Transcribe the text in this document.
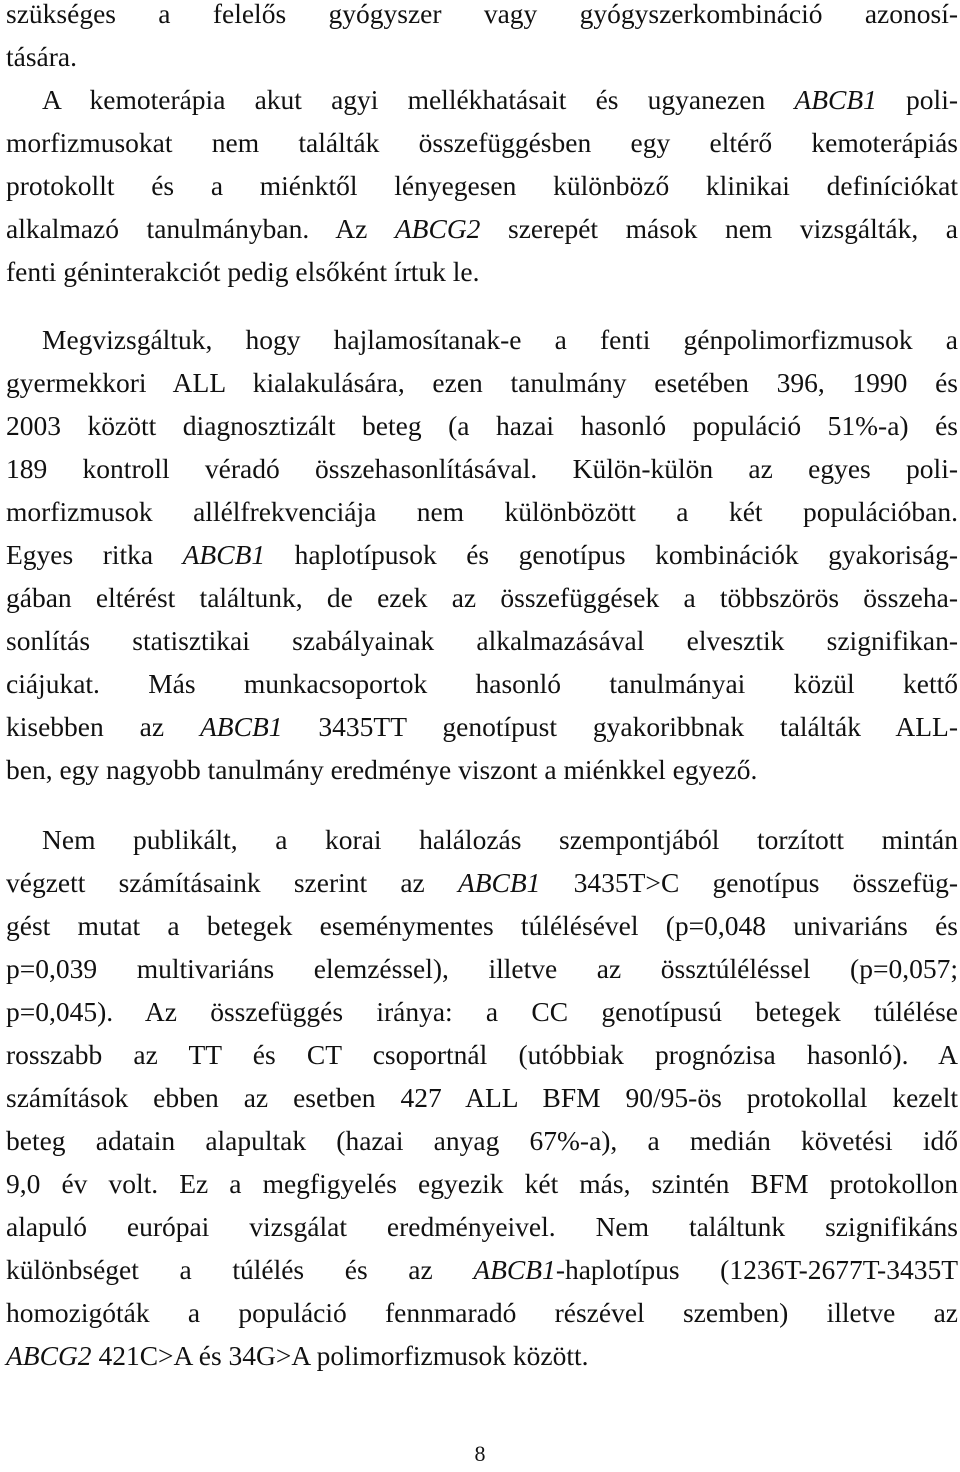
szükséges a felelős gyógyszer vagy gyógyszerkombináció azonosí-
tására.
A kemoterápia akut agyi mellékhatásait és ugyanezen ABCB1 poli-
morfizmusokat nem találták összefüggésben egy eltérő kemoterápiás
protokollt és a miénktől lényegesen különböző klinikai definíciókat
alkalmazó tanulmányban. Az ABCG2 szerepét mások nem vizsgálták, a
fenti géninterakciót pedig elsőként írtuk le.
Megvizsgáltuk, hogy hajlamosítanak-e a fenti génpolimorfizmusok a
gyermekkori ALL kialakulására, ezen tanulmány esetében 396, 1990 és
2003 között diagnosztizált beteg (a hazai hasonló populáció 51%-a) és
189 kontroll véradó összehasonlításával. Külön-külön az egyes poli-
morfizmusok allélfrekvenciája nem különbözött a két populációban.
Egyes ritka ABCB1 haplotípusok és genotípus kombinációk gyakoriság-
gában eltérést találtunk, de ezek az összefüggések a többszörös összeha-
sonlítás statisztikai szabályainak alkalmazásával elvesztik szignifikan-
ciájukat. Más munkacsoportok hasonló tanulmányai közül kettő
kisebben az ABCB1 3435TT genotípust gyakoribbnak találták ALL-
ben, egy nagyobb tanulmány eredménye viszont a miénkkel egyező.
Nem publikált, a korai halálozás szempontjából torzított mintán
végzett számításaink szerint az ABCB1 3435T>C genotípus összefüg-
gést mutat a betegek eseménymentes túlélésével (p=0,048 univariáns és
p=0,039 multivariáns elemzéssel), illetve az össztúléléssel (p=0,057;
p=0,045). Az összefüggés iránya: a CC genotípusú betegek túlélése
rosszabb az TT és CT csoportnál (utóbbiak prognózisa hasonló). A
számítások ebben az esetben 427 ALL BFM 90/95-ös protokollal kezelt
beteg adatain alapultak (hazai anyag 67%-a), a medián követési idő
9,0 év volt. Ez a megfigyelés egyezik két más, szintén BFM protokollon
alapuló európai vizsgálat eredményeivel. Nem találtunk szignifikáns
különbséget a túlélés és az ABCB1-haplotípus (1236T-2677T-3435T
homozigóták a populáció fennmaradó részével szemben) illetve az
ABCG2 421C>A és 34G>A polimorfizmusok között.
8
